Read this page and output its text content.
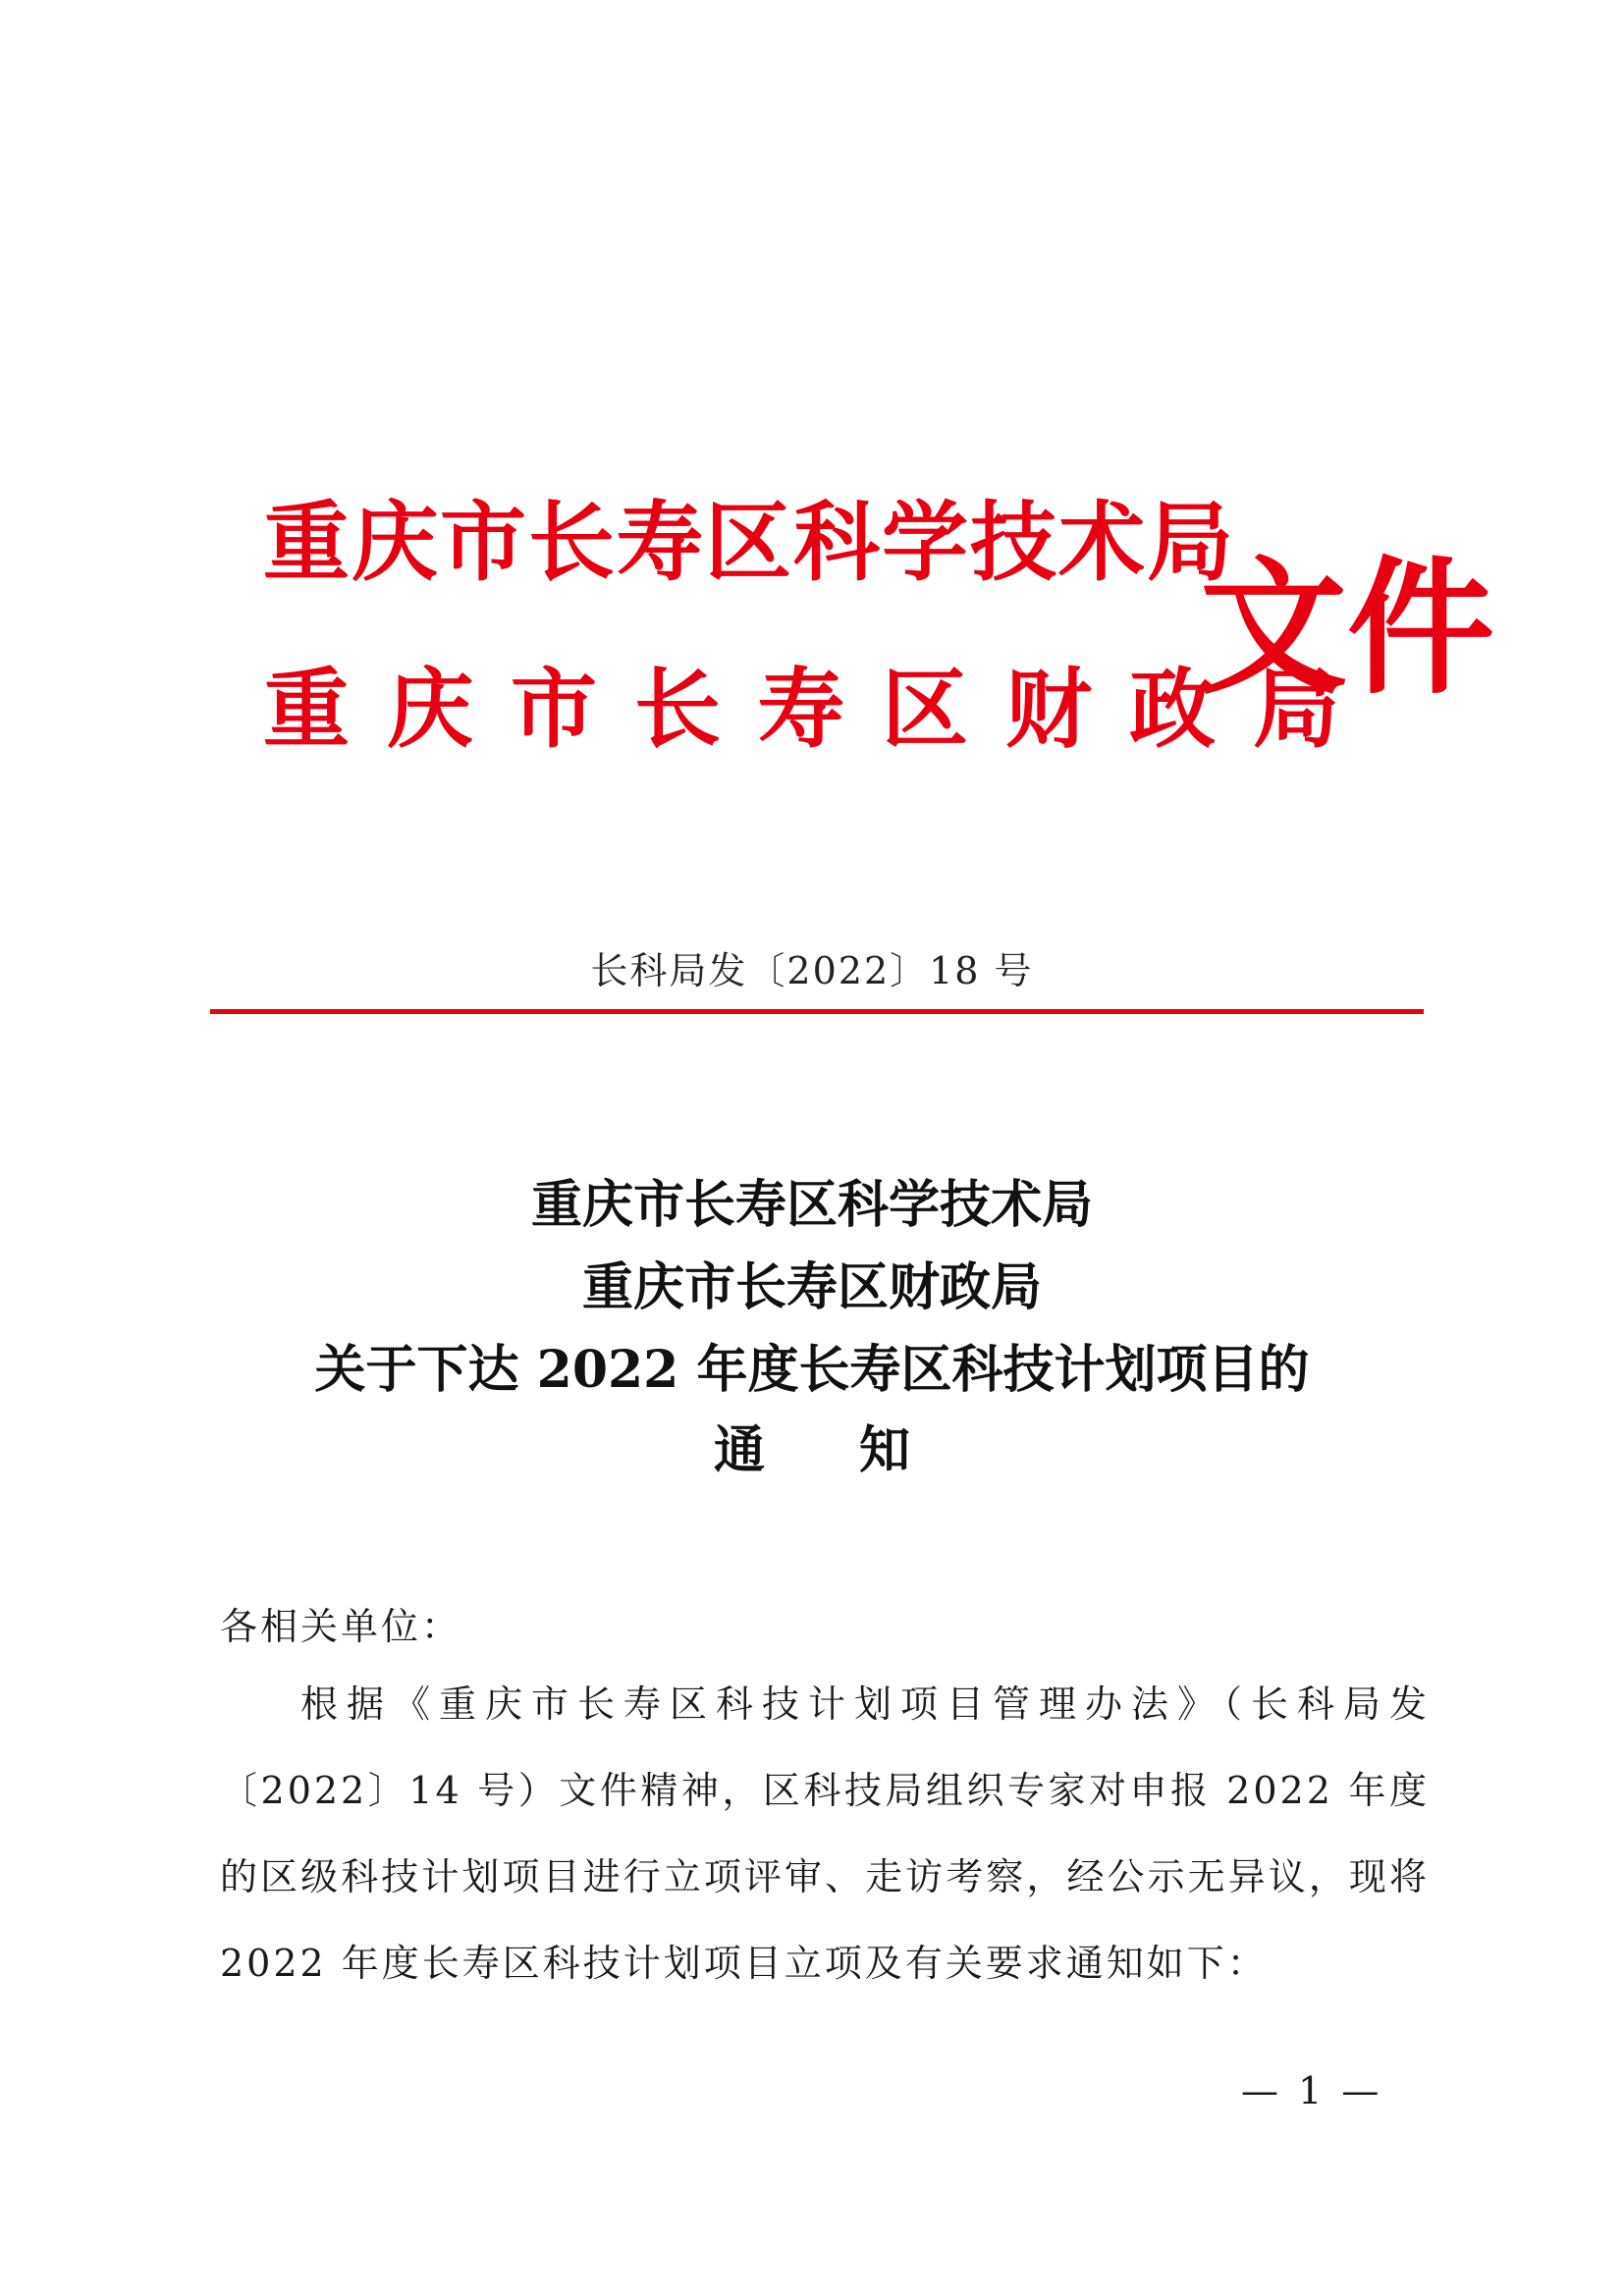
重庆市长寿区科学技术局
重庆市长寿区财政局
文件
长科局发〔2022〕18 号
重庆市长寿区科学技术局
重庆市长寿区财政局
关于下达 2022 年度长寿区科技计划项目的
通 知
各相关单位：
根据《重庆市长寿区科技计划项目管理办法》（长科局发〔2022〕14 号）文件精神，区科技局组织专家对申报 2022 年度的区级科技计划项目进行立项评审、走访考察，经公示无异议，现将 2022 年度长寿区科技计划项目立项及有关要求通知如下：
— 1 —
